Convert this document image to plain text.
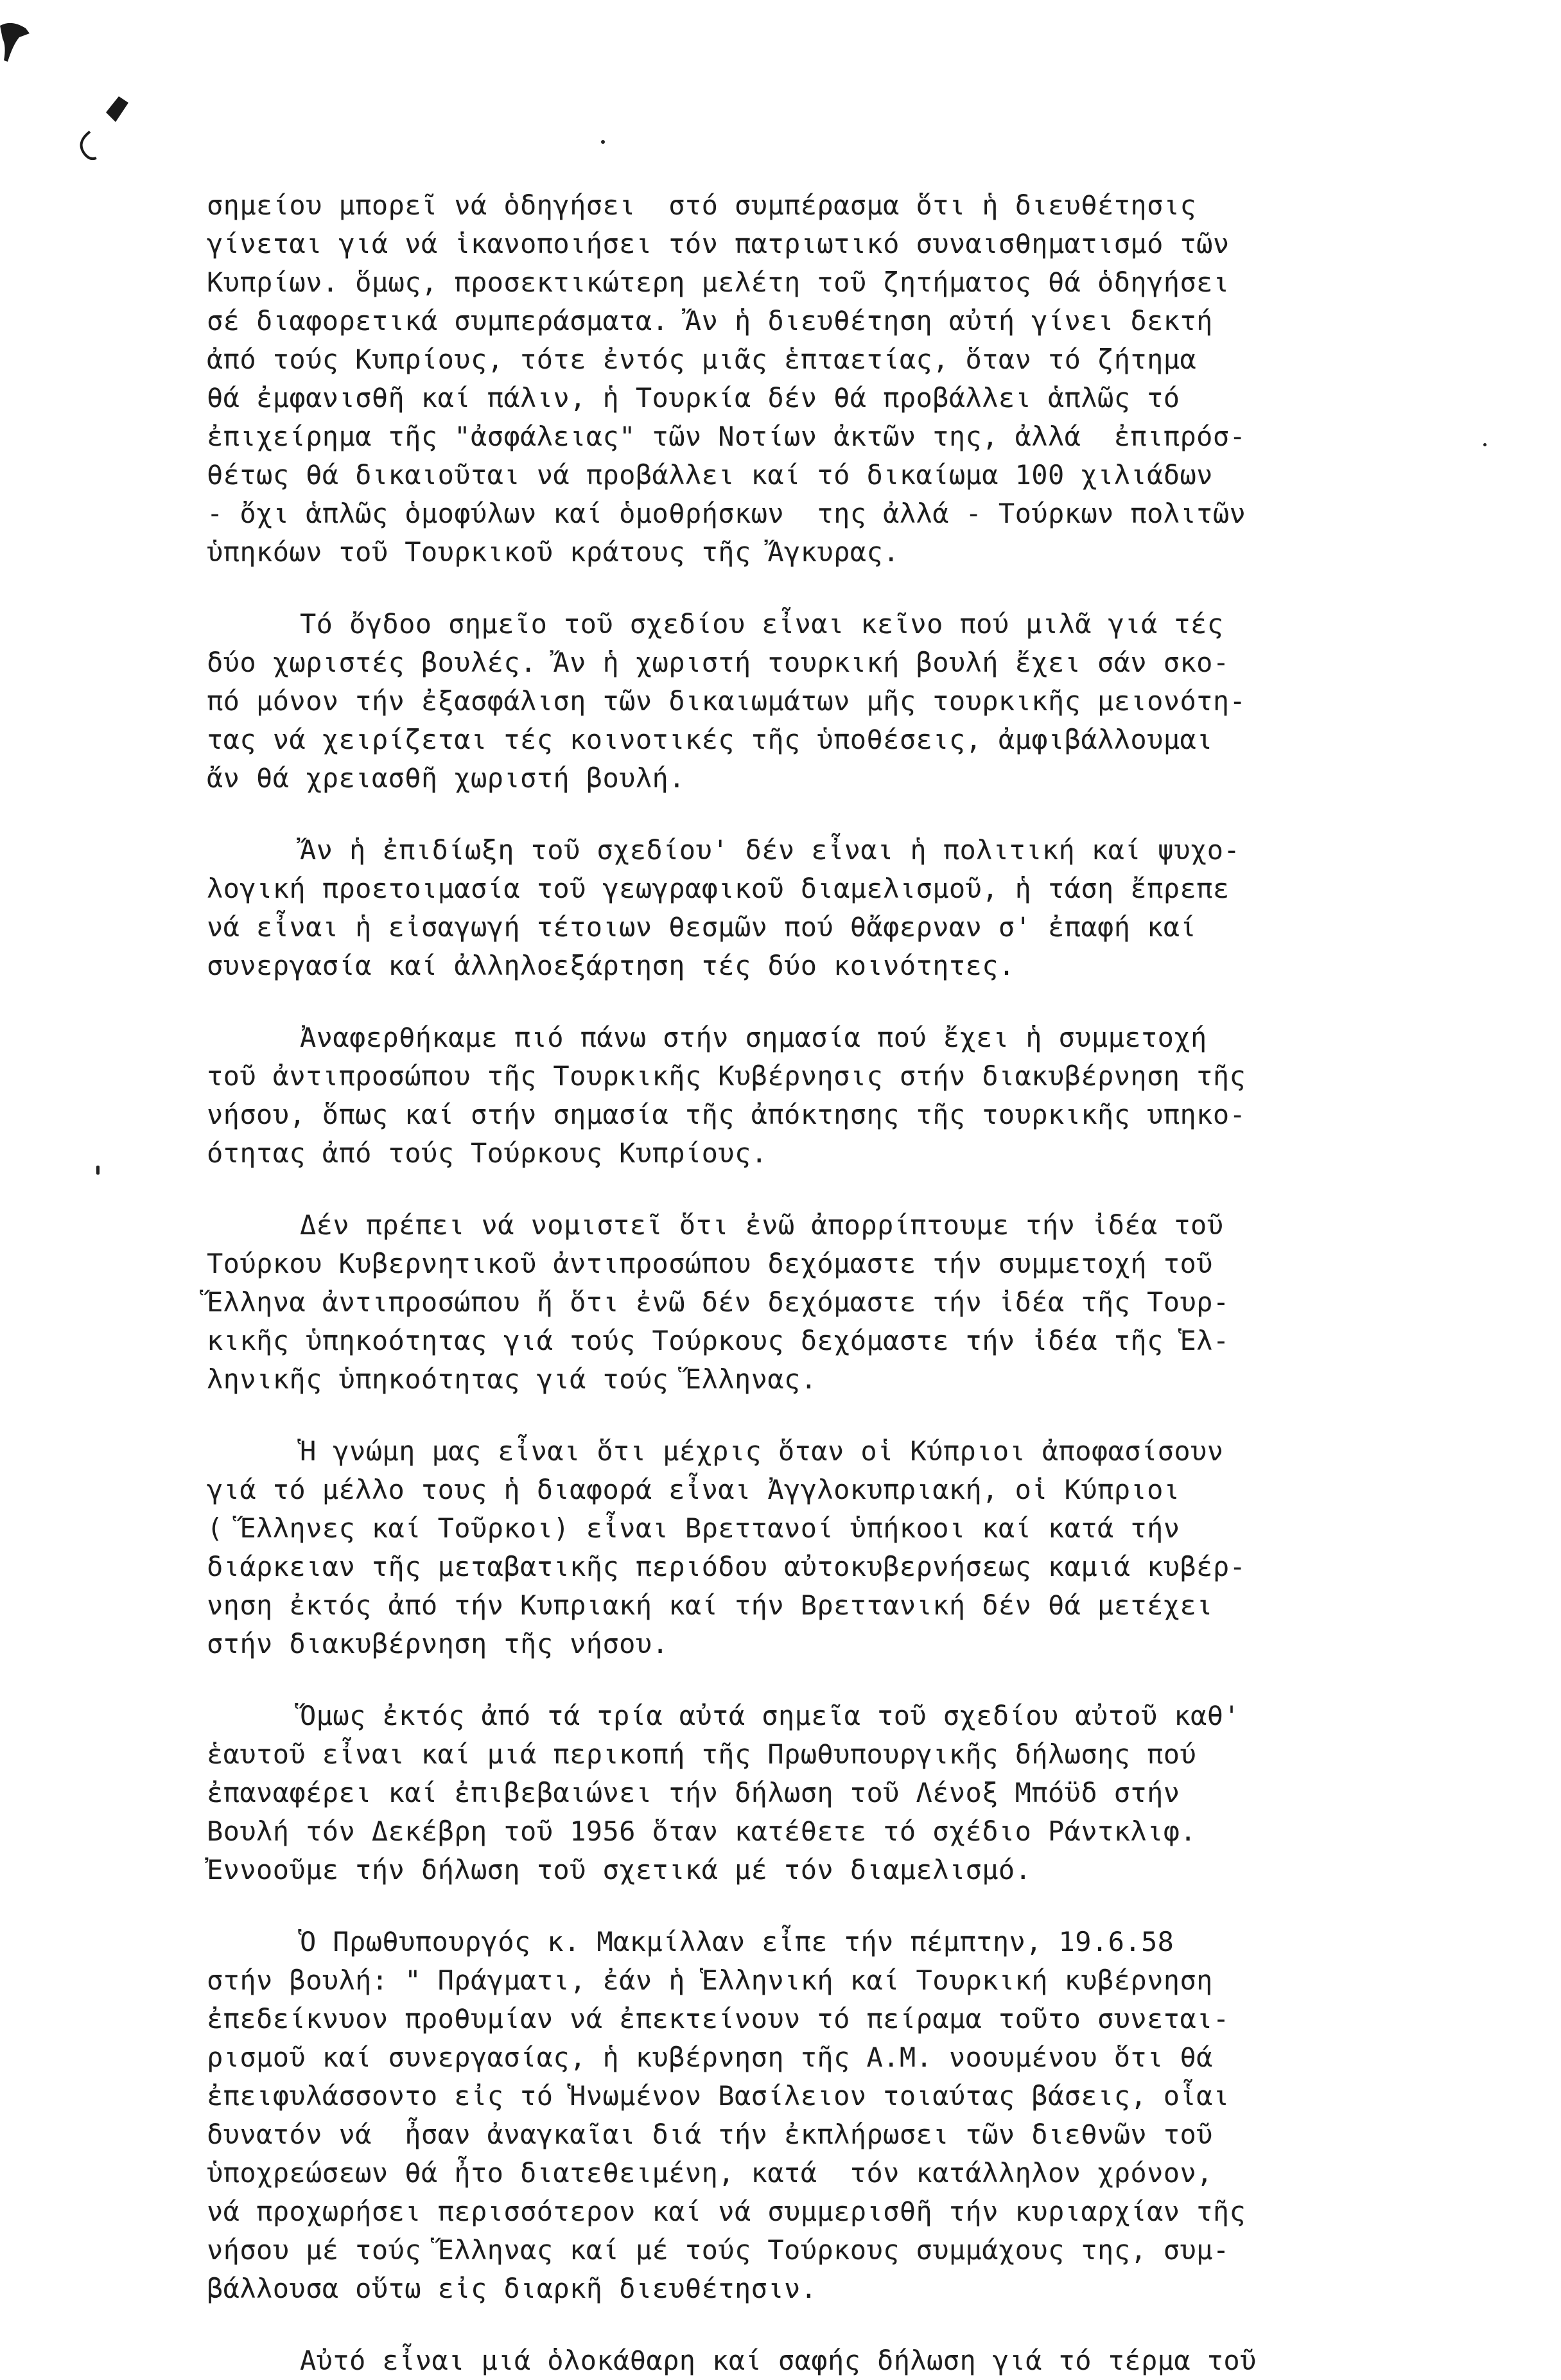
σημείου μπορεῖ νά ὁδηγήσει  στό συμπέρασμα ὅτι ἡ διευθέτησις
γίνεται γιά νά ἱκανοποιήσει τόν πατριωτικό συναισθηματισμό τῶν
Κυπρίων. ὅμως, προσεκτικώτερη μελέτη τοῦ ζητήματος θά ὁδηγήσει
σέ διαφορετικά συμπεράσματα. Ἄν ἡ διευθέτηση αὐτή γίνει δεκτή
ἀπό τούς Κυπρίους, τότε ἐντός μιᾶς ἑπταετίας, ὅταν τό ζήτημα
θά ἐμφανισθῆ καί πάλιν, ἡ Τουρκία δέν θά προβάλλει ἁπλῶς τό
ἐπιχείρημα τῆς "ἀσφάλειας" τῶν Νοτίων ἀκτῶν της, ἀλλά  ἐπιπρόσ-
θέτως θά δικαιοῦται νά προβάλλει καί τό δικαίωμα 100 χιλιάδων
- ὄχι ἁπλῶς ὁμοφύλων καί ὁμοθρήσκων  της ἀλλά - Τούρκων πολιτῶν
ὑπηκόων τοῦ Τουρκικοῦ κράτους τῆς Ἄγκυρας.
Τό ὄγδοο σημεῖο τοῦ σχεδίου εἶναι κεῖνο πού μιλᾶ γιά τές
δύο χωριστές βουλές. Ἄν ἡ χωριστή τουρκική βουλή ἔχει σάν σκο-
πό μόνον τήν ἐξασφάλιση τῶν δικαιωμάτων μῆς τουρκικῆς μειονότη-
τας νά χειρίζεται τές κοινοτικές τῆς ὑποθέσεις, ἀμφιβάλλουμαι
ἄν θά χρειασθῆ χωριστή βουλή.
Ἄν ἡ ἐπιδίωξη τοῦ σχεδίου' δέν εἶναι ἡ πολιτική καί ψυχο-
λογική προετοιμασία τοῦ γεωγραφικοῦ διαμελισμοῦ, ἡ τάση ἔπρεπε
νά εἶναι ἡ εἰσαγωγή τέτοιων θεσμῶν πού θἄφερναν σ' ἐπαφή καί
συνεργασία καί ἀλληλοεξάρτηση τές δύο κοινότητες.
Ἀναφερθήκαμε πιό πάνω στήν σημασία πού ἔχει ἡ συμμετοχή
τοῦ ἀντιπροσώπου τῆς Τουρκικῆς Κυβέρνησις στήν διακυβέρνηση τῆς
νήσου, ὅπως καί στήν σημασία τῆς ἀπόκτησης τῆς τουρκικῆς υπηκο-
ότητας ἀπό τούς Τούρκους Κυπρίους.
Δέν πρέπει νά νομιστεῖ ὅτι ἐνῶ ἀπορρίπτουμε τήν ἰδέα τοῦ
Τούρκου Κυβερνητικοῦ ἀντιπροσώπου δεχόμαστε τήν συμμετοχή τοῦ
Ἕλληνα ἀντιπροσώπου ἤ ὅτι ἐνῶ δέν δεχόμαστε τήν ἰδέα τῆς Τουρ-
κικῆς ὑπηκοότητας γιά τούς Τούρκους δεχόμαστε τήν ἰδέα τῆς Ἑλ-
ληνικῆς ὑπηκοότητας γιά τούς Ἕλληνας.
Ἡ γνώμη μας εἶναι ὅτι μέχρις ὅταν οἱ Κύπριοι ἀποφασίσουν
γιά τό μέλλο τους ἡ διαφορά εἶναι Ἀγγλοκυπριακή, οἱ Κύπριοι
( Ἕλληνες καί Τοῦρκοι) εἶναι Βρεττανοί ὑπήκοοι καί κατά τήν
διάρκειαν τῆς μεταβατικῆς περιόδου αὐτοκυβερνήσεως καμιά κυβέρ-
νηση ἐκτός ἀπό τήν Κυπριακή καί τήν Βρεττανική δέν θά μετέχει
στήν διακυβέρνηση τῆς νήσου.
Ὅμως ἐκτός ἀπό τά τρία αὐτά σημεῖα τοῦ σχεδίου αὐτοῦ καθ'
ἑαυτοῦ εἶναι καί μιά περικοπή τῆς Πρωθυπουργικῆς δήλωσης πού
ἐπαναφέρει καί ἐπιβεβαιώνει τήν δήλωση τοῦ Λένοξ Μπόϋδ στήν
Βουλή τόν Δεκέβρη τοῦ 1956 ὅταν κατέθετε τό σχέδιο Ράντκλιφ.
Ἐννοοῦμε τήν δήλωση τοῦ σχετικά μέ τόν διαμελισμό.
Ὁ Πρωθυπουργός κ. Μακμίλλαν εἶπε τήν πέμπτην, 19.6.58
στήν βουλή: " Πράγματι, ἐάν ἡ Ἑλληνική καί Τουρκική κυβέρνηση
ἐπεδείκνυον προθυμίαν νά ἐπεκτείνουν τό πείραμα τοῦτο συνεται-
ρισμοῦ καί συνεργασίας, ἡ κυβέρνηση τῆς Α.Μ. νοουμένου ὅτι θά
ἐπειφυλάσσοντο εἰς τό Ἡνωμένον Βασίλειον τοιαύτας βάσεις, οἷαι
δυνατόν νά  ἦσαν ἀναγκαῖαι διά τήν ἐκπλήρωσει τῶν διεθνῶν τοῦ
ὑποχρεώσεων θά ἦτο διατεθειμένη, κατά  τόν κατάλληλον χρόνον,
νά προχωρήσει περισσότερον καί νά συμμερισθῆ τήν κυριαρχίαν τῆς
νήσου μέ τούς Ἕλληνας καί μέ τούς Τούρκους συμμάχους της, συμ-
βάλλουσα οὕτω εἰς διαρκῆ διευθέτησιν.
Αὐτό εἶναι μιά ὁλοκάθαρη καί σαφής δήλωση γιά τό τέρμα τοῦ
